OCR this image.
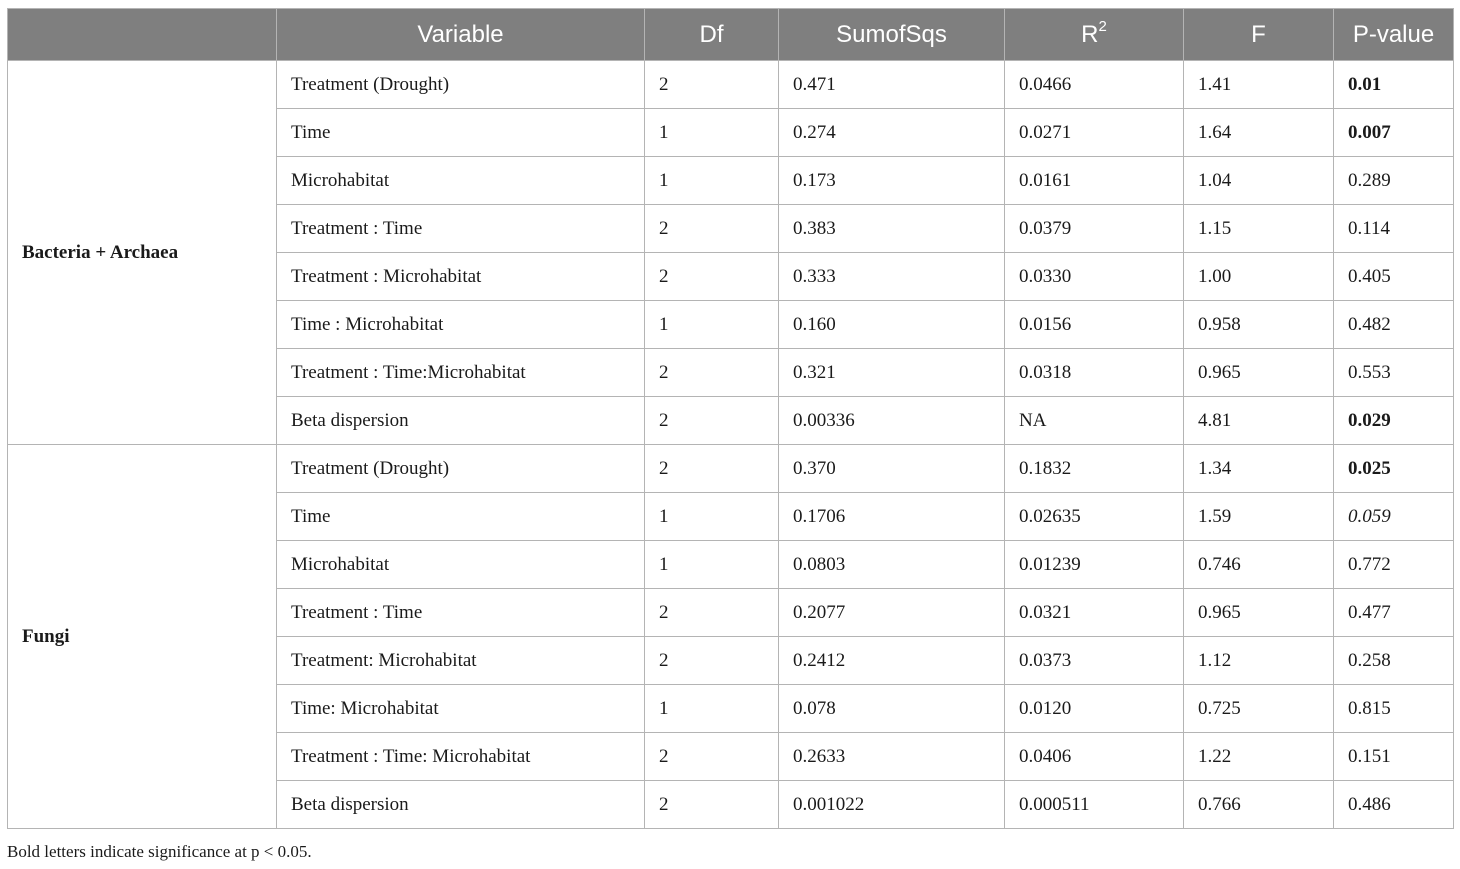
	Variable	Df	SumofSqs	$R^2$	F	P-value
Bacteria + Archaea	Treatment (Drought)	2	0.471	0.0466	1.41	0.01
	Time	1	0.274	0.0271	1.64	0.007
	Microhabitat	1	0.173	0.0161	1.04	0.289
	Treatment : Time	2	0.383	0.0379	1.15	0.114
	Treatment : Microhabitat	2	0.333	0.0330	1.00	0.405
	Time : Microhabitat	1	0.160	0.0156	0.958	0.482
	Treatment : Time:Microhabitat	2	0.321	0.0318	0.965	0.553
	Beta dispersion	2	0.00336	NA	4.81	0.029
Fungi	Treatment (Drought)	2	0.370	0.1832	1.34	0.025
	Time	1	0.1706	0.02635	1.59	0.059
	Microhabitat	1	0.0803	0.01239	0.746	0.772
	Treatment : Time	2	0.2077	0.0321	0.965	0.477
	Treatment: Microhabitat	2	0.2412	0.0373	1.12	0.258
	Time: Microhabitat	1	0.078	0.0120	0.725	0.815
	Treatment : Time: Microhabitat	2	0.2633	0.0406	1.22	0.151
	Beta dispersion	2	0.001022	0.000511	0.766	0.486
Bold letters indicate significance at p < 0.05.
